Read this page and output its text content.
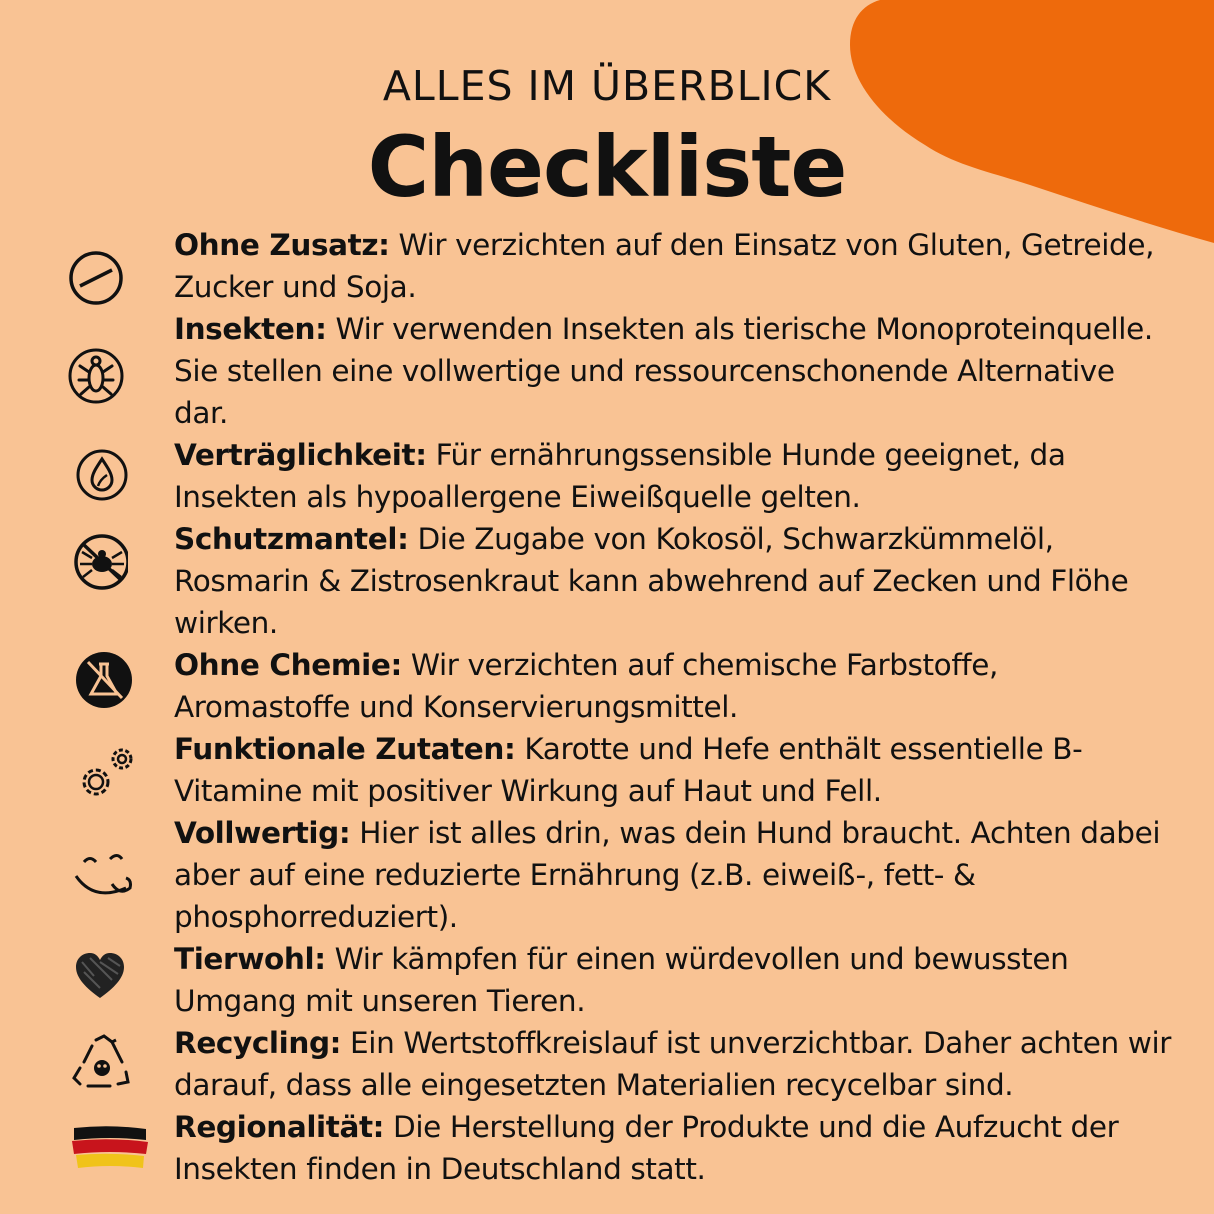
ALLES IM ÜBERBLICK
Checkliste
Ohne Zusatz: Wir verzichten auf den Einsatz von Gluten, Getreide, Zucker und Soja.
Insekten: Wir verwenden Insekten als tierische Monoproteinquelle. Sie stellen eine vollwertige und ressourcenschonende Alternative dar.
Verträglichkeit: Für ernährungssensible Hunde geeignet, da Insekten als hypoallergene Eiweißquelle gelten.
Schutzmantel: Die Zugabe von Kokosöl, Schwarzkümmelöl, Rosmarin & Zistrosenkraut kann abwehrend auf Zecken und Flöhe wirken.
Ohne Chemie: Wir verzichten auf chemische Farbstoffe, Aromastoffe und Konservierungsmittel.
Funktionale Zutaten: Karotte und Hefe enthält essentielle B-Vitamine mit positiver Wirkung auf Haut und Fell.
Vollwertig: Hier ist alles drin, was dein Hund braucht. Achten dabei aber auf eine reduzierte Ernährung (z.B. eiweiß-, fett- & phosphorreduziert).
Tierwohl: Wir kämpfen für einen würdevollen und bewussten Umgang mit unseren Tieren.
Recycling: Ein Wertstoffkreislauf ist unverzichtbar. Daher achten wir darauf, dass alle eingesetzten Materialien recycelbar sind.
Regionalität: Die Herstellung der Produkte und die Aufzucht der Insekten finden in Deutschland statt.
